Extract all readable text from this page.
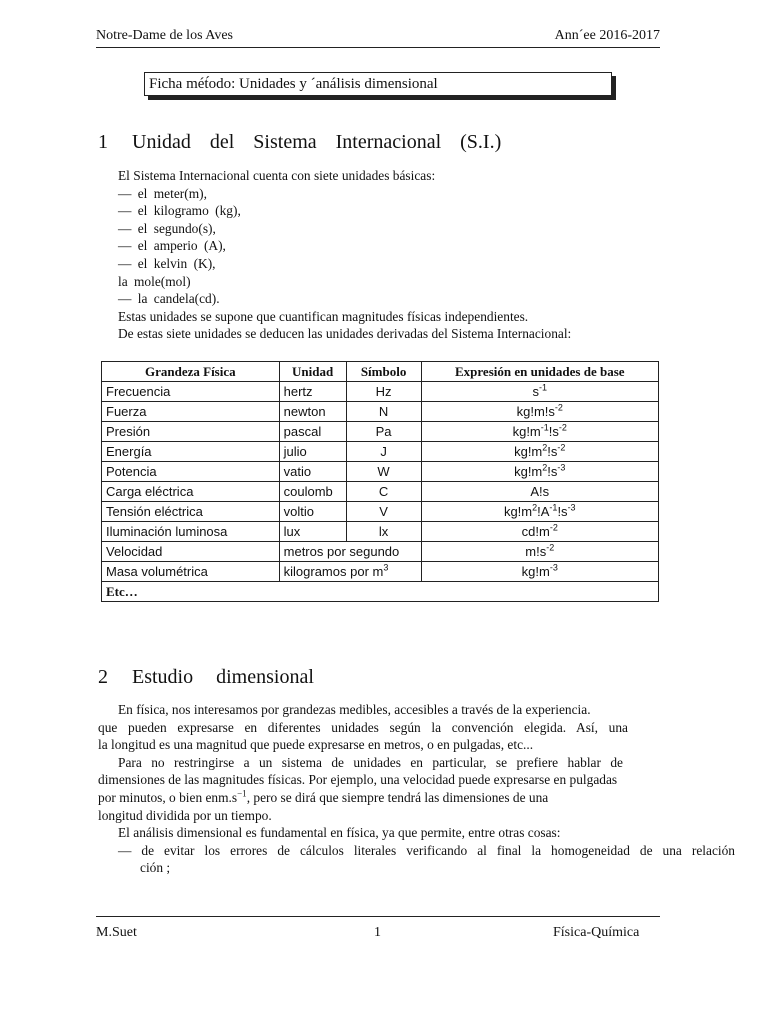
Notre-Dame de los Aves	Ann´ee 2016-2017
Ficha mét́odo: Unidades y ´análisis dimensional
1 Unidad del Sistema Internacional (S.I.)
El Sistema Internacional cuenta con siete unidades básicas:
— el meter(m),
— el kilogramo (kg),
— el segundo(s),
— el amperio (A),
— el kelvin (K),
la mole(mol)
— la candela(cd).
Estas unidades se supone que cuantifican magnitudes físicas independientes.
De estas siete unidades se deducen las unidades derivadas del Sistema Internacional:
Grandeza Física	Unidad	Símbolo	Expresión en unidades de base
Frecuencia	hertz	Hz	$s^{-1}$
Fuerza	newton	N	$kg!m!s^{-2}$
Presión	pascal	Pa	$kg!m^{-1}!s^{-2}$
Energía	julio	J	$kg!m^2!s^{-2}$
Potencia	vatio	W	$kg!m^2!s^{-3}$
Carga eléctrica	coulomb	C	A!s
Tensión eléctrica	voltio	V	$kg!m^2!A^{-1}!s^{-3}$
Iluminación luminosa	lux	lx	$cd!m^{-2}$
Velocidad	metros por segundo		$m!s^{-2}$
Masa volumétrica	kilogramos por $m^3$		$kg!m^{-3}$
Etc…			
2 Estudio dimensional
En física, nos interesamos por grandezas medibles, accesibles a través de la experiencia.
que pueden expresarse en diferentes unidades según la convención elegida. Así, una
la longitud es una magnitud que puede expresarse en metros, o en pulgadas, etc...
Para no restringirse a un sistema de unidades en particular, se prefiere hablar de
dimensiones de las magnitudes físicas. Por ejemplo, una velocidad puede expresarse en pulgadas
por minutos, o bien $enm.s^{-1}$, pero se dirá que siempre tendrá las dimensiones de una
longitud dividida por un tiempo.
El análisis dimensional es fundamental en física, ya que permite, entre otras cosas:
— de evitar los errores de cálculos literales verificando al final la homogeneidad de una relación
ción ;
M.Suet	1	Física-Química
